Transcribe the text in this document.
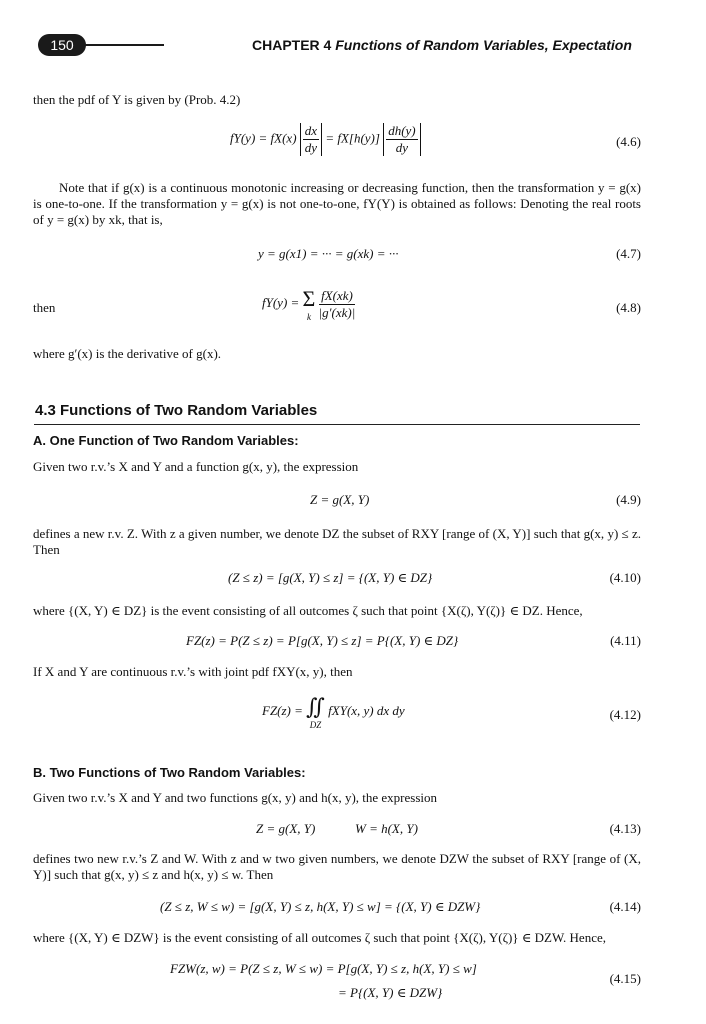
150	CHAPTER 4 Functions of Random Variables, Expectation
then the pdf of Y is given by (Prob. 4.2)
$fY(y) = fX(x) \frac{dx}{dy} = fX[h(y)] \frac{dh(y)}{dy}$	(4.6)
Note that if g(x) is a continuous monotonic increasing or decreasing function, then the transformation y = g(x) is one-to-one. If the transformation y = g(x) is not one-to-one, fY(Y) is obtained as follows: Denoting the real roots of y = g(x) by xk, that is,
y = g(x1) = ··· = g(xk) = ···	(4.7)
then	fY(y) = Σ
k
$\frac{fX(xk)}{|g'(xk)|}$	(4.8)
where g′(x) is the derivative of g(x).
4.3 Functions of Two Random Variables
A. One Function of Two Random Variables:
Given two r.v.’s X and Y and a function g(x, y), the expression
Z = g(X, Y)	(4.9)
defines a new r.v. Z. With z a given number, we denote DZ the subset of RXY [range of (X, Y)] such that g(x, y) ≤ z. Then
(Z ≤ z) = [g(X, Y) ≤ z] = {(X, Y) ∈ DZ}	(4.10)
where {(X, Y) ∈ DZ} is the event consisting of all outcomes ζ such that point {X(ζ), Y(ζ)} ∈ DZ. Hence,
FZ(z) = P(Z ≤ z) = P[g(X, Y) ≤ z] = P{(X, Y) ∈ DZ}	(4.11)
If X and Y are continuous r.v.’s with joint pdf fXY(x, y), then
FZ(z) = ∬
DZ
fXY(x, y) dx dy	(4.12)
B. Two Functions of Two Random Variables:
Given two r.v.’s X and Y and two functions g(x, y) and h(x, y), the expression
Z = g(X, Y)	W = h(X, Y)	(4.13)
defines two new r.v.’s Z and W. With z and w two given numbers, we denote DZW the subset of RXY [range of (X, Y)] such that g(x, y) ≤ z and h(x, y) ≤ w. Then
(Z ≤ z, W ≤ w) = [g(X, Y) ≤ z, h(X, Y) ≤ w] = {(X, Y) ∈ DZW}	(4.14)
where {(X, Y) ∈ DZW} is the event consisting of all outcomes ζ such that point {X(ζ), Y(ζ)} ∈ DZW. Hence,
FZW(z, w) = P(Z ≤ z, W ≤ w) = P[g(X, Y) ≤ z, h(X, Y) ≤ w]
= P{(X, Y) ∈ DZW}
(4.15)
